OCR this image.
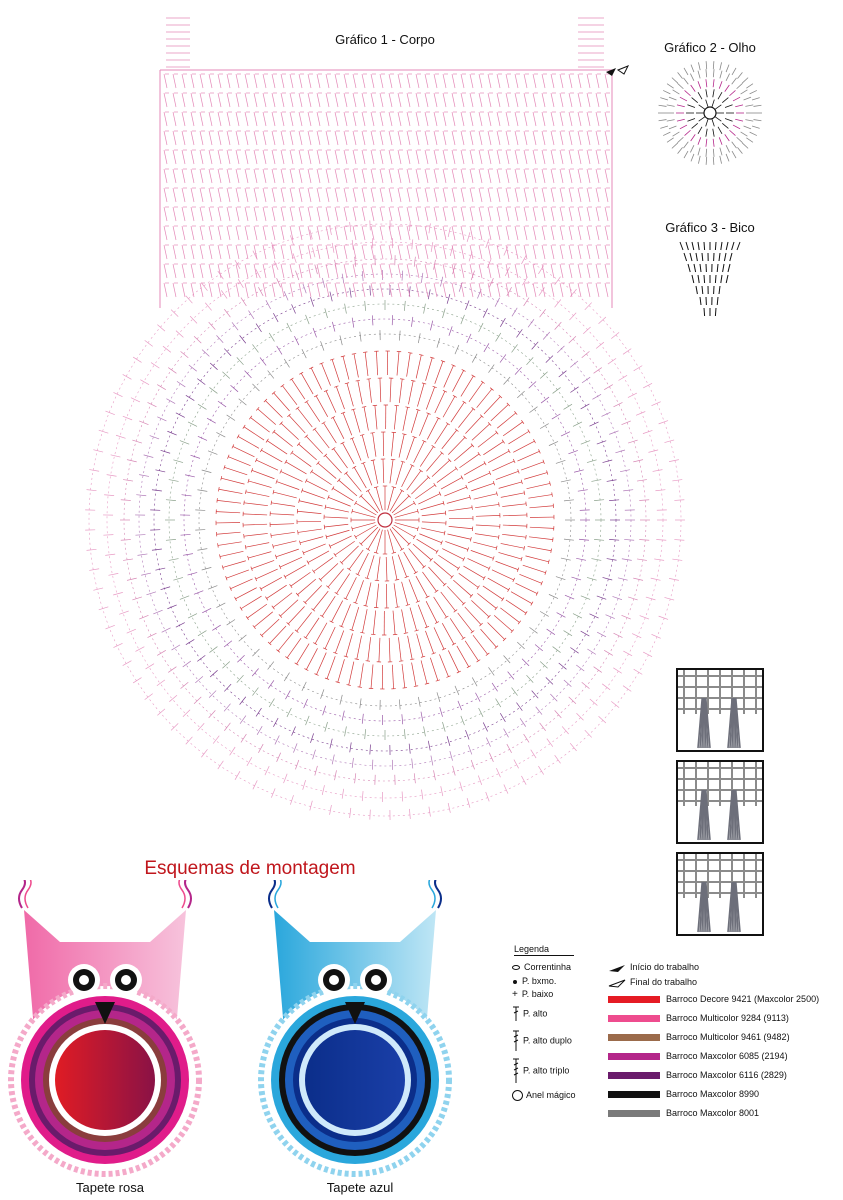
Gráfico 1 - Corpo
Gráfico 2 - Olho
Gráfico 3 - Bico
Esquemas de montagem
Tapete rosa	Tapete azul
Legenda
Correntinha
P. bxmo.
+ P. baixo
P. alto
P. alto duplo
P. alto triplo
Anel mágico
Início do trabalho
Final do trabalho
Barroco Decore 9421 (Maxcolor 2500)
Barroco Multicolor 9284 (9113)
Barroco Multicolor 9461 (9482)
Barroco Maxcolor 6085 (2194)
Barroco Maxcolor 6116 (2829)
Barroco Maxcolor 8990
Barroco Maxcolor 8001
